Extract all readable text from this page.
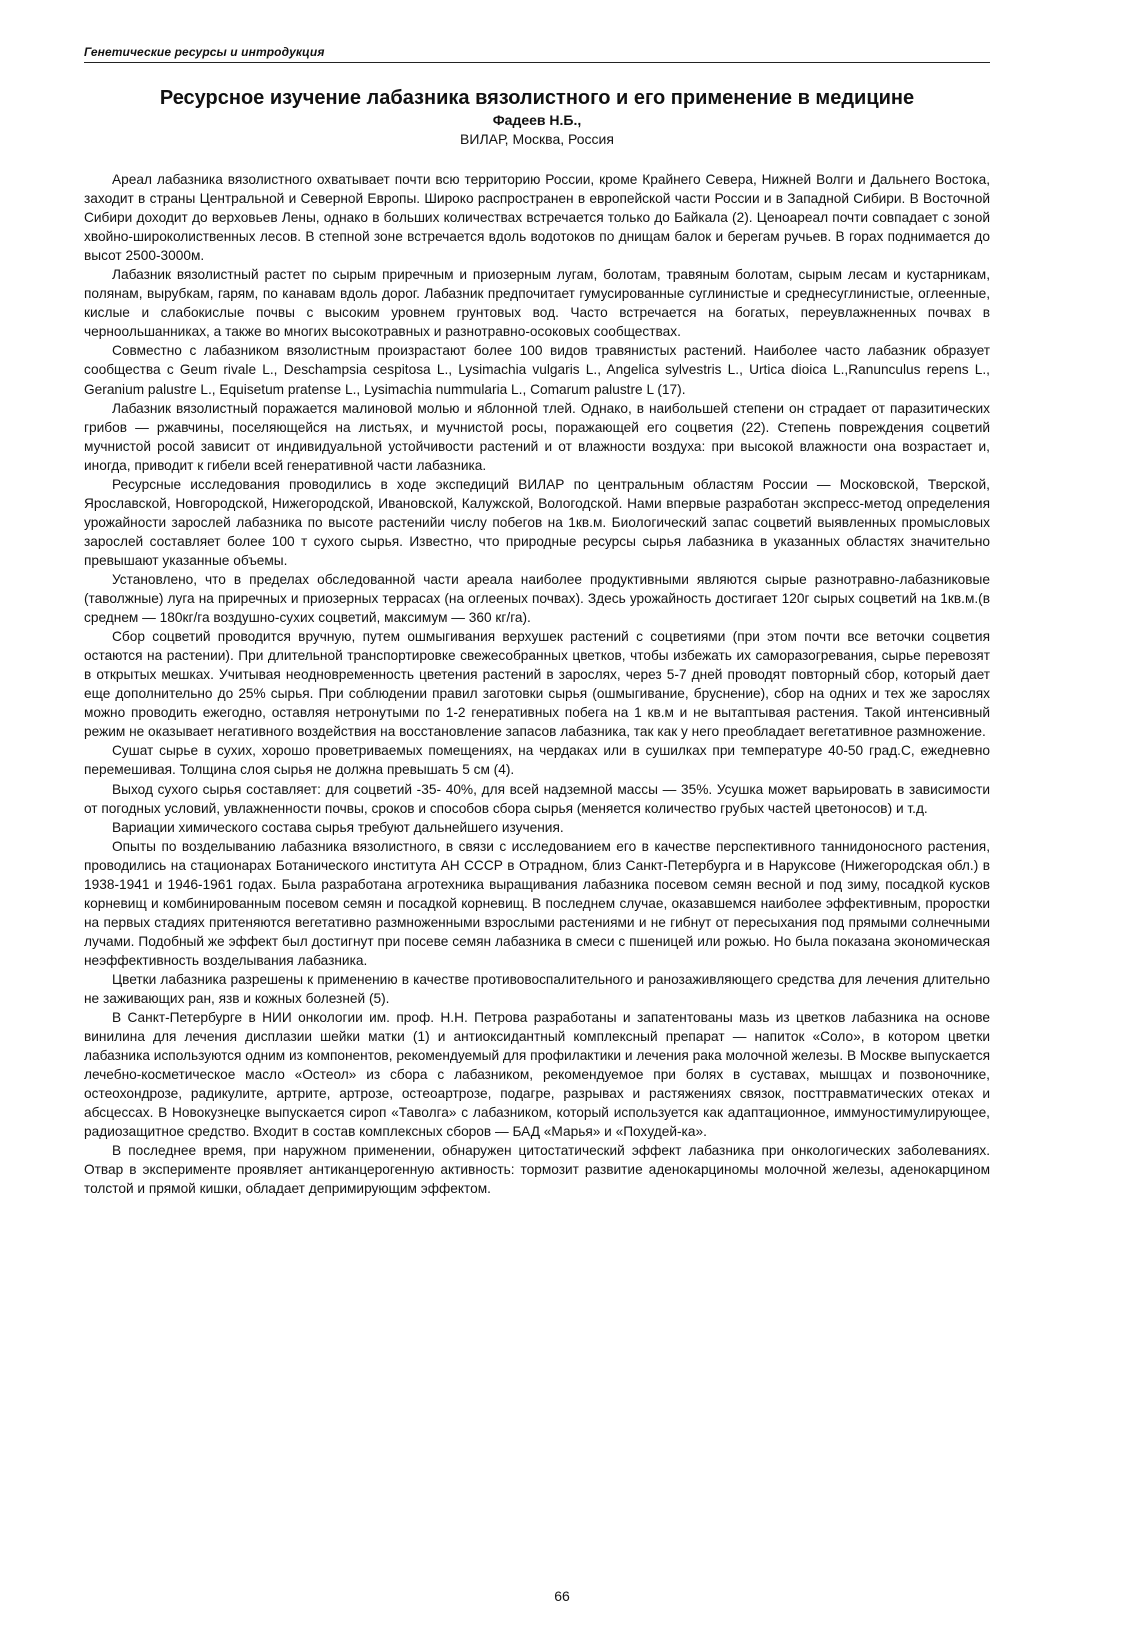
Генетические ресурсы и интродукция
Ресурсное изучение лабазника вязолистного и его применение в медицине
Фадеев Н.Б.,
ВИЛАР, Москва, Россия

Ареал лабазника вязолистного охватывает почти всю территорию России, кроме Крайнего Севера, Нижней Волги и Дальнего Востока, заходит в страны Центральной и Северной Европы. Широко распространен в европейской части России и в Западной Сибири. В Восточной Сибири доходит до верховьев Лены, однако в больших количествах встречается только до Байкала (2). Ценоареал почти совпадает с зоной хвойно-широколиственных лесов. В степной зоне встречается вдоль водотоков по днищам балок и берегам ручьев. В горах поднимается до высот 2500-3000м.

Лабазник вязолистный растет по сырым приречным и приозерным лугам, болотам, травяным болотам, сырым лесам и кустарникам, полянам, вырубкам, гарям, по канавам вдоль дорог. Лабазник предпочитает гумусированные суглинистые и среднесуглинистые, оглеенные, кислые и слабокислые почвы с высоким уровнем грунтовых вод. Часто встречается на богатых, переувлажненных почвах в черноольшанниках, а также во многих высокотравных и разнотравно-осоковых сообществах.

Совместно с лабазником вязолистным произрастают более 100 видов травянистых растений. Наиболее часто лабазник образует сообщества с Geum rivale L., Deschampsia cespitosa L., Lysimachia vulgaris L., Angelica sylvestris L., Urtica dioica L.,Ranunculus repens L., Geranium palustre L., Equisetum pratense L., Lysimachia nummularia L., Comarum palustre L (17).

Лабазник вязолистный поражается малиновой молью и яблонной тлей. Однако, в наибольшей степени он страдает от паразитических грибов — ржавчины, поселяющейся на листьях, и мучнистой росы, поражающей его соцветия (22). Степень повреждения соцветий мучнистой росой зависит от индивидуальной устойчивости растений и от влажности воздуха: при высокой влажности она возрастает и, иногда, приводит к гибели всей генеративной части лабазника.

Ресурсные исследования проводились в ходе экспедиций ВИЛАР по центральным областям России — Московской, Тверской, Ярославской, Новгородской, Нижегородской, Ивановской, Калужской, Вологодской. Нами впервые разработан экспресс-метод определения урожайности зарослей лабазника по высоте растенийи числу побегов на 1кв.м. Биологический запас соцветий выявленных промысловых зарослей составляет более 100 т сухого сырья. Известно, что природные ресурсы сырья лабазника в указанных областях значительно превышают указанные объемы.

Установлено, что в пределах обследованной части ареала наиболее продуктивными являются сырые разнотравно-лабазниковые (таволжные) луга на приречных и приозерных террасах (на оглееных почвах). Здесь урожайность достигает 120г сырых соцветий на 1кв.м.(в среднем — 180кг/га воздушно-сухих соцветий, максимум — 360 кг/га).

Сбор соцветий проводится вручную, путем ошмыгивания верхушек растений с соцветиями (при этом почти все веточки соцветия остаются на растении). При длительной транспортировке свежесобранных цветков, чтобы избежать их саморазогревания, сырье перевозят в открытых мешках. Учитывая неодновременность цветения растений в зарослях, через 5-7 дней проводят повторный сбор, который дает еще дополнительно до 25% сырья. При соблюдении правил заготовки сырья (ошмыгивание, бруснение), сбор на одних и тех же зарослях можно проводить ежегодно, оставляя нетронутыми по 1-2 генеративных побега на 1 кв.м и не вытаптывая растения. Такой интенсивный режим не оказывает негативного воздействия на восстановление запасов лабазника, так как у него преобладает вегетативное размножение.

Сушат сырье в сухих, хорошо проветриваемых помещениях, на чердаках или в сушилках при температуре 40-50 град.С, ежедневно перемешивая. Толщина слоя сырья не должна превышать 5 см (4).

Выход сухого сырья составляет: для соцветий -35- 40%, для всей надземной массы — 35%. Усушка может варьировать в зависимости от погодных условий, увлажненности почвы, сроков и способов сбора сырья (меняется количество грубых частей цветоносов) и т.д.

Вариации химического состава сырья требуют дальнейшего изучения.

Опыты по возделыванию лабазника вязолистного, в связи с исследованием его в качестве перспективного таннидоносного растения, проводились на стационарах Ботанического института АН СССР в Отрадном, близ Санкт-Петербурга и в Наруксове (Нижегородская обл.) в 1938-1941 и 1946-1961 годах. Была разработана агротехника выращивания лабазника посевом семян весной и под зиму, посадкой кусков корневищ и комбинированным посевом семян и посадкой корневищ. В последнем случае, оказавшемся наиболее эффективным, проростки на первых стадиях притеняются вегетативно размноженными взрослыми растениями и не гибнут от пересыхания под прямыми солнечными лучами. Подобный же эффект был достигнут при посеве семян лабазника в смеси с пшеницей или рожью. Но была показана экономическая неэффективность возделывания лабазника.

Цветки лабазника разрешены к применению в качестве противовоспалительного и ранозаживляющего средства для лечения длительно не заживающих ран, язв и кожных болезней (5).

В Санкт-Петербурге в НИИ онкологии им. проф. Н.Н. Петрова разработаны и запатентованы мазь из цветков лабазника на основе винилина для лечения дисплазии шейки матки (1) и антиоксидантный комплексный препарат — напиток «Соло», в котором цветки лабазника используются одним из компонентов, рекомендуемый для профилактики и лечения рака молочной железы. В Москве выпускается лечебно-косметическое масло «Остеол» из сбора с лабазником, рекомендуемое при болях в суставах, мышцах и позвоночнике, остеохондрозе, радикулите, артрите, артрозе, остеоартрозе, подагре, разрывах и растяжениях связок, посттравматических отеках и абсцессах. В Новокузнецке выпускается сироп «Таволга» с лабазником, который используется как адаптационное, иммуностимулирующее, радиозащитное средство. Входит в состав комплексных сборов — БАД «Марья» и «Похудей-ка».

В последнее время, при наружном применении, обнаружен цитостатический эффект лабазника при онкологических заболеваниях. Отвар в эксперименте проявляет антиканцерогенную активность: тормозит развитие аденокарциномы молочной железы, аденокарцином толстой и прямой кишки, обладает депримирующим эффектом.

66
